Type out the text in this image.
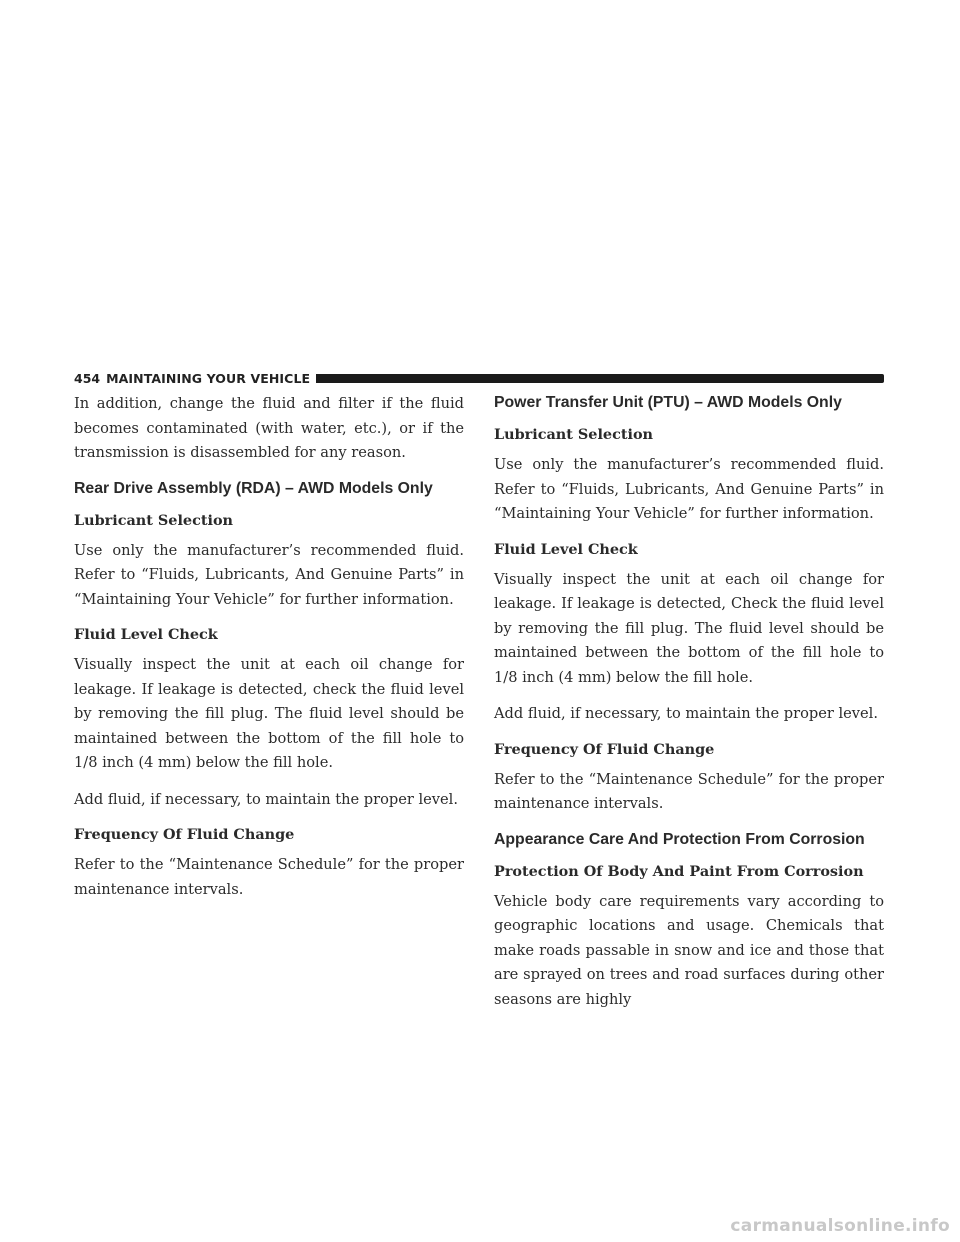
454 MAINTAINING YOUR VEHICLE

In addition, change the fluid and filter if the fluid becomes contaminated (with water, etc.), or if the transmission is disassembled for any reason.

Rear Drive Assembly (RDA) – AWD Models Only
Lubricant Selection

Use only the manufacturer’s recommended fluid. Refer to “Fluids, Lubricants, And Genuine Parts” in “Maintaining Your Vehicle” for further information.

Fluid Level Check

Visually inspect the unit at each oil change for leakage. If leakage is detected, check the fluid level by removing the fill plug. The fluid level should be maintained between the bottom of the fill hole to 1/8 inch (4 mm) below the fill hole.

Add fluid, if necessary, to maintain the proper level.

Frequency Of Fluid Change

Refer to the “Maintenance Schedule” for the proper maintenance intervals.

Power Transfer Unit (PTU) – AWD Models Only
Lubricant Selection

Use only the manufacturer’s recommended fluid. Refer to “Fluids, Lubricants, And Genuine Parts” in “Maintaining Your Vehicle” for further information.

Fluid Level Check

Visually inspect the unit at each oil change for leakage. If leakage is detected, Check the fluid level by removing the fill plug. The fluid level should be maintained between the bottom of the fill hole to 1/8 inch (4 mm) below the fill hole.

Add fluid, if necessary, to maintain the proper level.

Frequency Of Fluid Change

Refer to the “Maintenance Schedule” for the proper maintenance intervals.

Appearance Care And Protection From Corrosion
Protection Of Body And Paint From Corrosion

Vehicle body care requirements vary according to geographic locations and usage. Chemicals that make roads passable in snow and ice and those that are sprayed on trees and road surfaces during other seasons are highly

carmanualsonline.info
